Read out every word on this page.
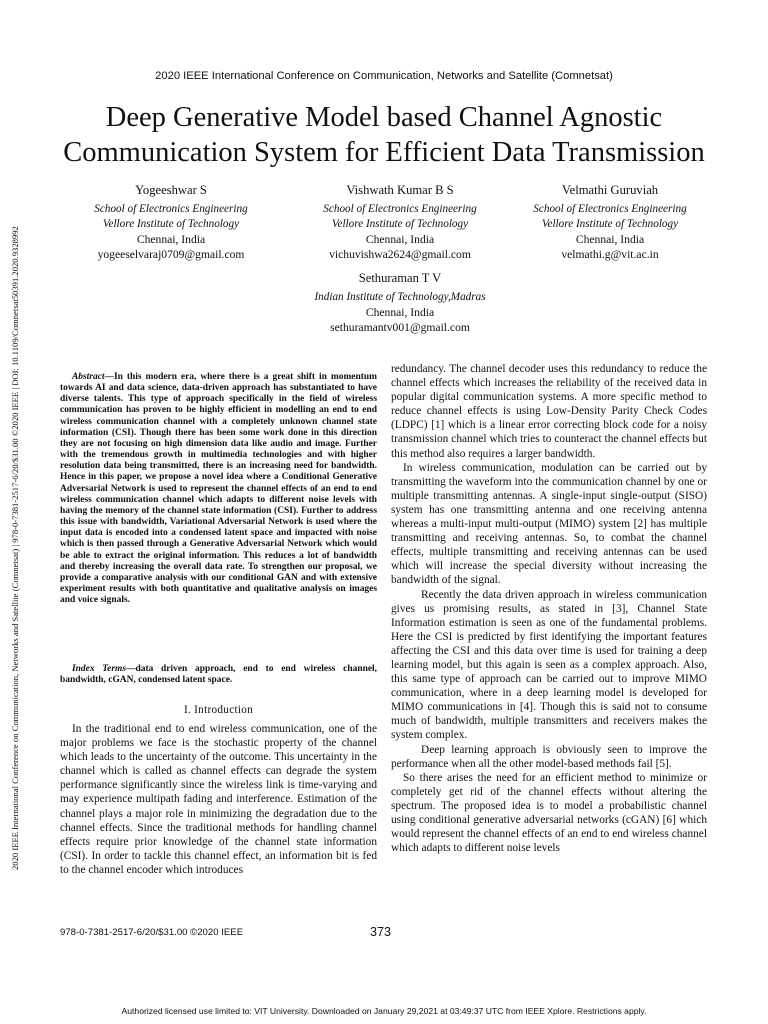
2020 IEEE International Conference on Communication, Networks and Satellite (Comnetsat) | 978-0-7381-2517-6/20/$31.00 ©2020 IEEE | DOI: 10.1109/Comnetsat50391.2020.9328992
2020 IEEE International Conference on Communication, Networks and Satellite (Comnetsat)
Deep Generative Model based Channel Agnostic Communication System for Efficient Data Transmission
Yogeeshwar S
School of Electronics Engineering
Vellore Institute of Technology
Chennai, India
yogeeselvaraj0709@gmail.com
Vishwath Kumar B S
School of Electronics Engineering
Vellore Institute of Technology
Chennai, India
vichuvishwa2624@gmail.com
Velmathi Guruviah
School of Electronics Engineering
Vellore Institute of Technology
Chennai, India
velmathi.g@vit.ac.in
Sethuraman T V
Indian Institute of Technology,Madras
Chennai, India
sethuramantv001@gmail.com
Abstract—In this modern era, where there is a great shift in momentum towards AI and data science, data-driven approach has substantiated to have diverse talents. This type of approach specifically in the field of wireless communication has proven to be highly efficient in modelling an end to end wireless communication channel with a completely unknown channel state information (CSI). Though there has been some work done in this direction they are not focusing on high dimension data like audio and image. Further with the tremendous growth in multimedia technologies and with higher resolution data being transmitted, there is an increasing need for bandwidth. Hence in this paper, we propose a novel idea where a Conditional Generative Adversarial Network is used to represent the channel effects of an end to end wireless communication channel which adapts to different noise levels with having the memory of the channel state information (CSI). Further to address this issue with bandwidth, Variational Adversarial Network is used where the input data is encoded into a condensed latent space and impacted with noise which is then passed through a Generative Adversarial Network which would be able to extract the original information. This reduces a lot of bandwidth and thereby increasing the overall data rate. To strengthen our proposal, we provide a comparative analysis with our conditional GAN and with extensive experiment results with both quantitative and qualitative analysis on images and voice signals.
Index Terms—data driven approach, end to end wireless channel, bandwidth, cGAN, condensed latent space.
I. Introduction

In the traditional end to end wireless communication, one of the major problems we face is the stochastic property of the channel which leads to the uncertainty of the outcome. This uncertainty in the channel which is called as channel effects can degrade the system performance significantly since the wireless link is time-varying and may experience multipath fading and interference. Estimation of the channel plays a major role in minimizing the degradation due to the channel effects. Since the traditional methods for handling channel effects require prior knowledge of the channel state information (CSI). In order to tackle this channel effect, an information bit is fed to the channel encoder which introduces

redundancy. The channel decoder uses this redundancy to reduce the channel effects which increases the reliability of the received data in popular digital communication systems. A more specific method to reduce channel effects is using Low-Density Parity Check Codes (LDPC) [1] which is a linear error correcting block code for a noisy transmission channel which tries to counteract the channel effects but this method also requires a larger bandwidth.

In wireless communication, modulation can be carried out by transmitting the waveform into the communication channel by one or multiple transmitting antennas. A single-input single-output (SISO) system has one transmitting antenna and one receiving antenna whereas a multi-input multi-output (MIMO) system [2] has multiple transmitting and receiving antennas. So, to combat the channel effects, multiple transmitting and receiving antennas can be used which will increase the special diversity without increasing the bandwidth of the signal.

Recently the data driven approach in wireless communication gives us promising results, as stated in [3], Channel State Information estimation is seen as one of the fundamental problems. Here the CSI is predicted by first identifying the important features affecting the CSI and this data over time is used for training a deep learning model, but this again is seen as a complex approach. Also, this same type of approach can be carried out to improve MIMO communication, where in a deep learning model is developed for MIMO communications in [4]. Though this is said not to consume much of bandwidth, multiple transmitters and receivers makes the system complex.

Deep learning approach is obviously seen to improve the performance when all the other model-based methods fail [5].

So there arises the need for an efficient method to minimize or completely get rid of the channel effects without altering the spectrum. The proposed idea is to model a probabilistic channel using conditional generative adversarial networks (cGAN) [6] which would represent the channel effects of an end to end wireless channel which adapts to different noise levels

978-0-7381-2517-6/20/$31.00 ©2020 IEEE	373
Authorized licensed use limited to: VIT University. Downloaded on January 29,2021 at 03:49:37 UTC from IEEE Xplore. Restrictions apply.
